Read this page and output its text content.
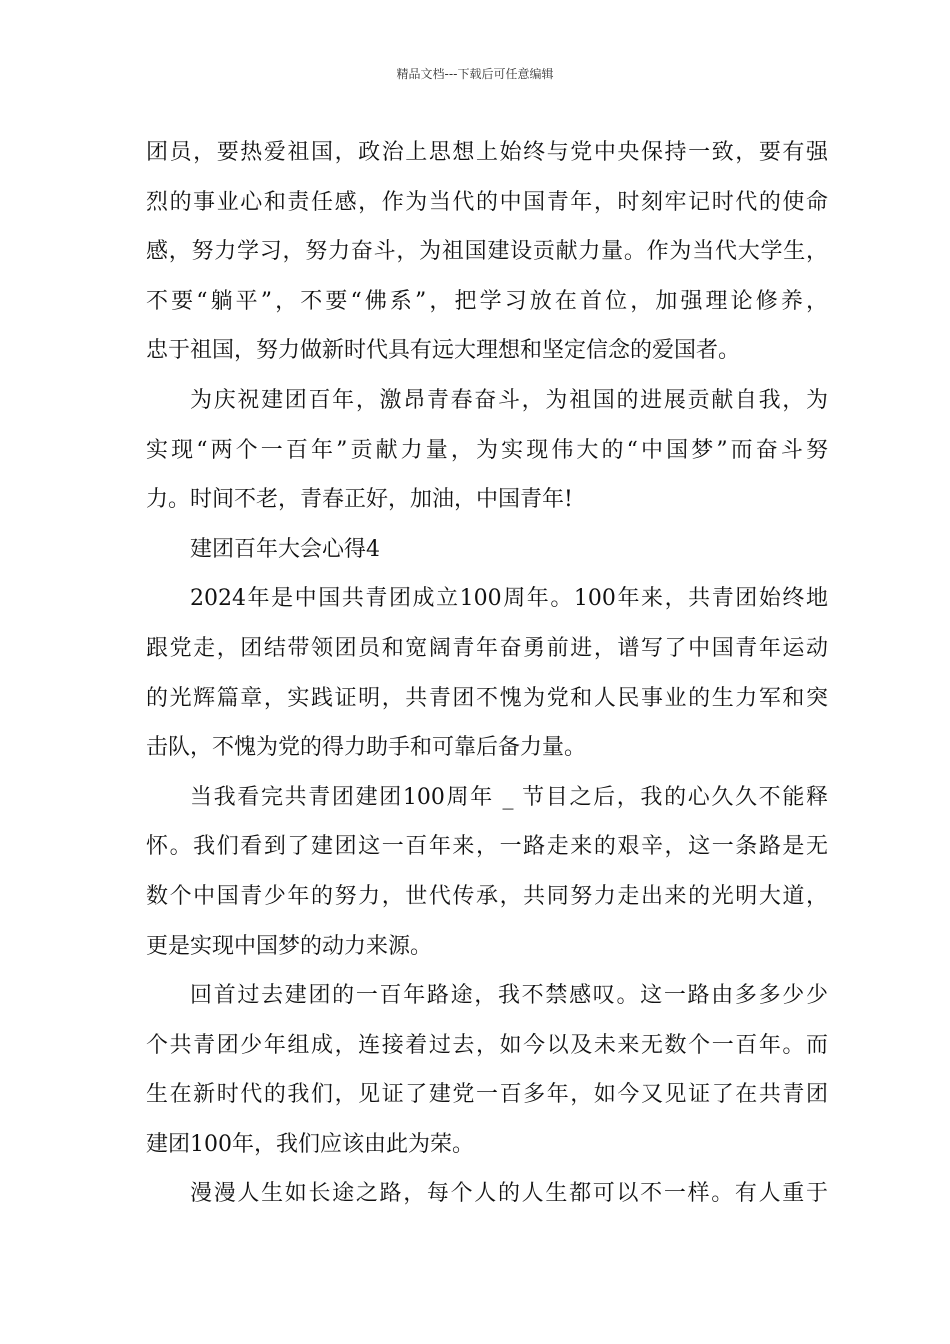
精品文档---下载后可任意编辑
团员，要热爱祖国，政治上思想上始终与党中央保持一致，要有强
烈的事业心和责任感，作为当代的中国青年，时刻牢记时代的使命
感，努力学习，努力奋斗，为祖国建设贡献力量。作为当代大学生，
不要“躺平”，不要“佛系”，把学习放在首位，加强理论修养，
忠于祖国，努力做新时代具有远大理想和坚定信念的爱国者。
为庆祝建团百年，激昂青春奋斗，为祖国的进展贡献自我，为
实现“两个一百年”贡献力量，为实现伟大的“中国梦”而奋斗努
力。时间不老，青春正好，加油，中国青年!
建团百年大会心得4
2024年是中国共青团成立100周年。100年来，共青团始终地
跟党走，团结带领团员和宽阔青年奋勇前进，谱写了中国青年运动
的光辉篇章，实践证明，共青团不愧为党和人民事业的生力军和突
击队，不愧为党的得力助手和可靠后备力量。
当我看完共青团建团100周年 _ 节目之后，我的心久久不能释
怀。我们看到了建团这一百年来，一路走来的艰辛，这一条路是无
数个中国青少年的努力，世代传承，共同努力走出来的光明大道，
更是实现中国梦的动力来源。
回首过去建团的一百年路途，我不禁感叹。这一路由多多少少
个共青团少年组成，连接着过去，如今以及未来无数个一百年。而
生在新时代的我们，见证了建党一百多年，如今又见证了在共青团
建团100年，我们应该由此为荣。
漫漫人生如长途之路，每个人的人生都可以不一样。有人重于
